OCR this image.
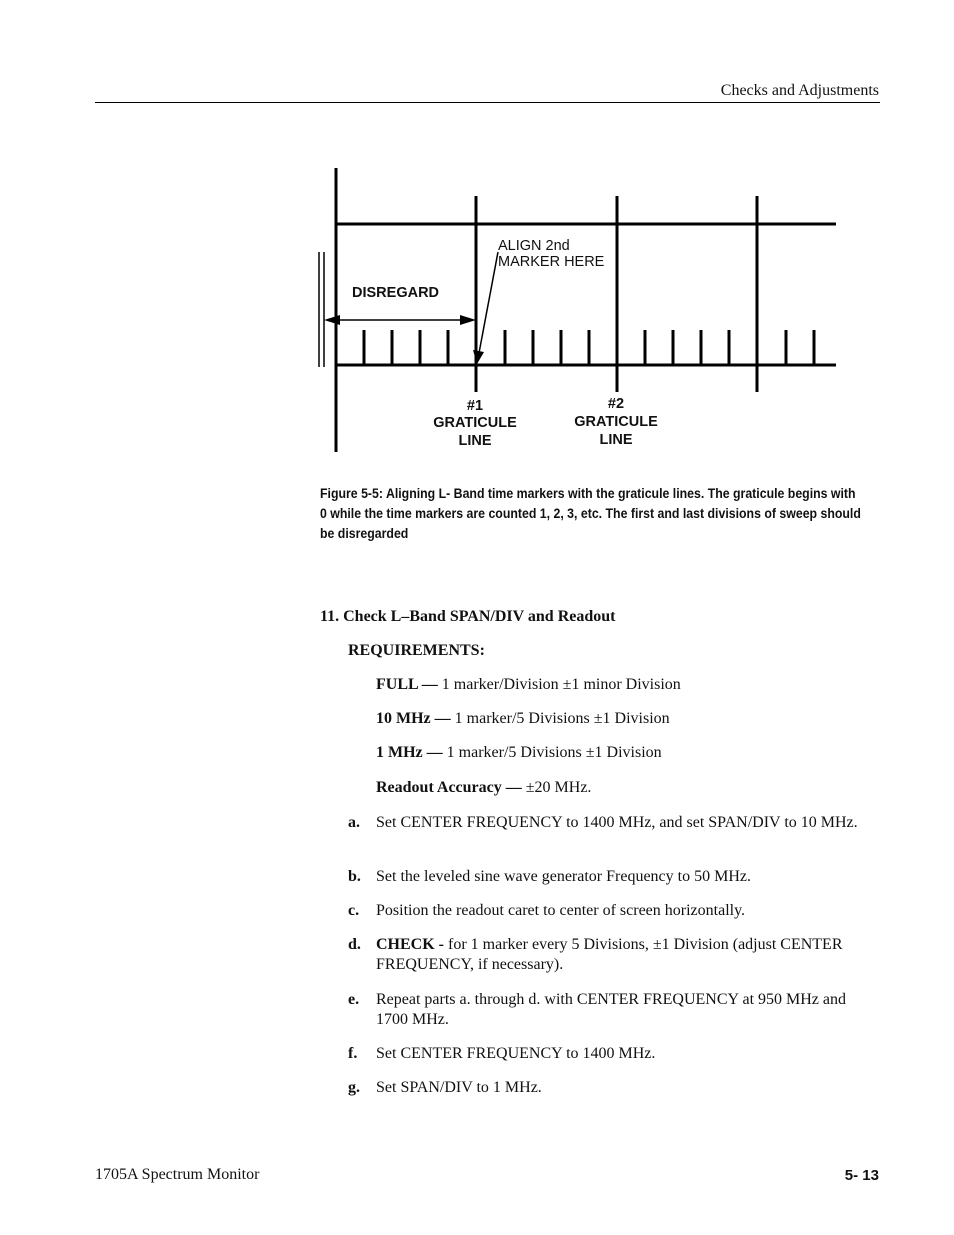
Checks and Adjustments
ALIGN 2nd
MARKER HERE
DISREGARD
#1
GRATICULE
LINE
#2
GRATICULE
LINE
Figure 5-5: Aligning L- Band time markers with the graticule lines. The graticule begins with 0 while the time markers are counted 1, 2, 3, etc. The first and last divisions of sweep should be disregarded
11. Check L–Band SPAN/DIV and Readout
REQUIREMENTS:
FULL — 1 marker/Division ±1 minor Division
10 MHz — 1 marker/5 Divisions ±1 Division
1 MHz — 1 marker/5 Divisions ±1 Division
Readout Accuracy — ±20 MHz.
a. Set CENTER FREQUENCY to 1400 MHz, and set SPAN/DIV to 10 MHz.
b. Set the leveled sine wave generator Frequency to 50 MHz.
c. Position the readout caret to center of screen horizontally.
d. CHECK - for 1 marker every 5 Divisions, ±1 Division (adjust CENTER FREQUENCY, if necessary).
e. Repeat parts a. through d. with CENTER FREQUENCY at 950 MHz and 1700 MHz.
f. Set CENTER FREQUENCY to 1400 MHz.
g. Set SPAN/DIV to 1 MHz.
1705A Spectrum Monitor	5- 13
